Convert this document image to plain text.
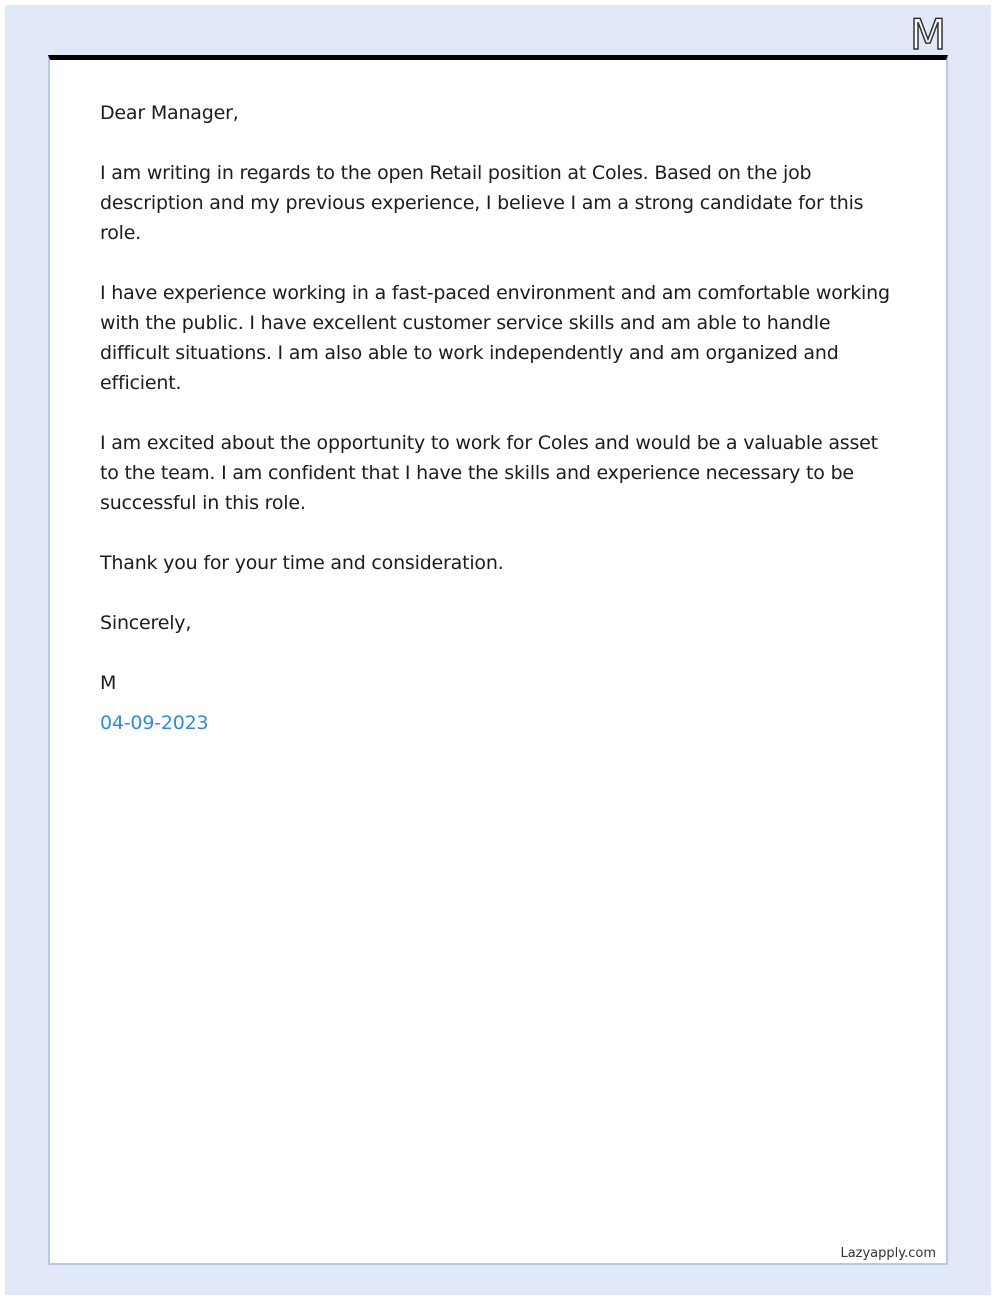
M

Dear Manager,

I am writing in regards to the open Retail position at Coles. Based on the job description and my previous experience, I believe I am a strong candidate for this role.

I have experience working in a fast-paced environment and am comfortable working with the public. I have excellent customer service skills and am able to handle difficult situations. I am also able to work independently and am organized and efficient.

I am excited about the opportunity to work for Coles and would be a valuable asset to the team. I am confident that I have the skills and experience necessary to be successful in this role.

Thank you for your time and consideration.

Sincerely,

M

04-09-2023

Lazyapply.com
